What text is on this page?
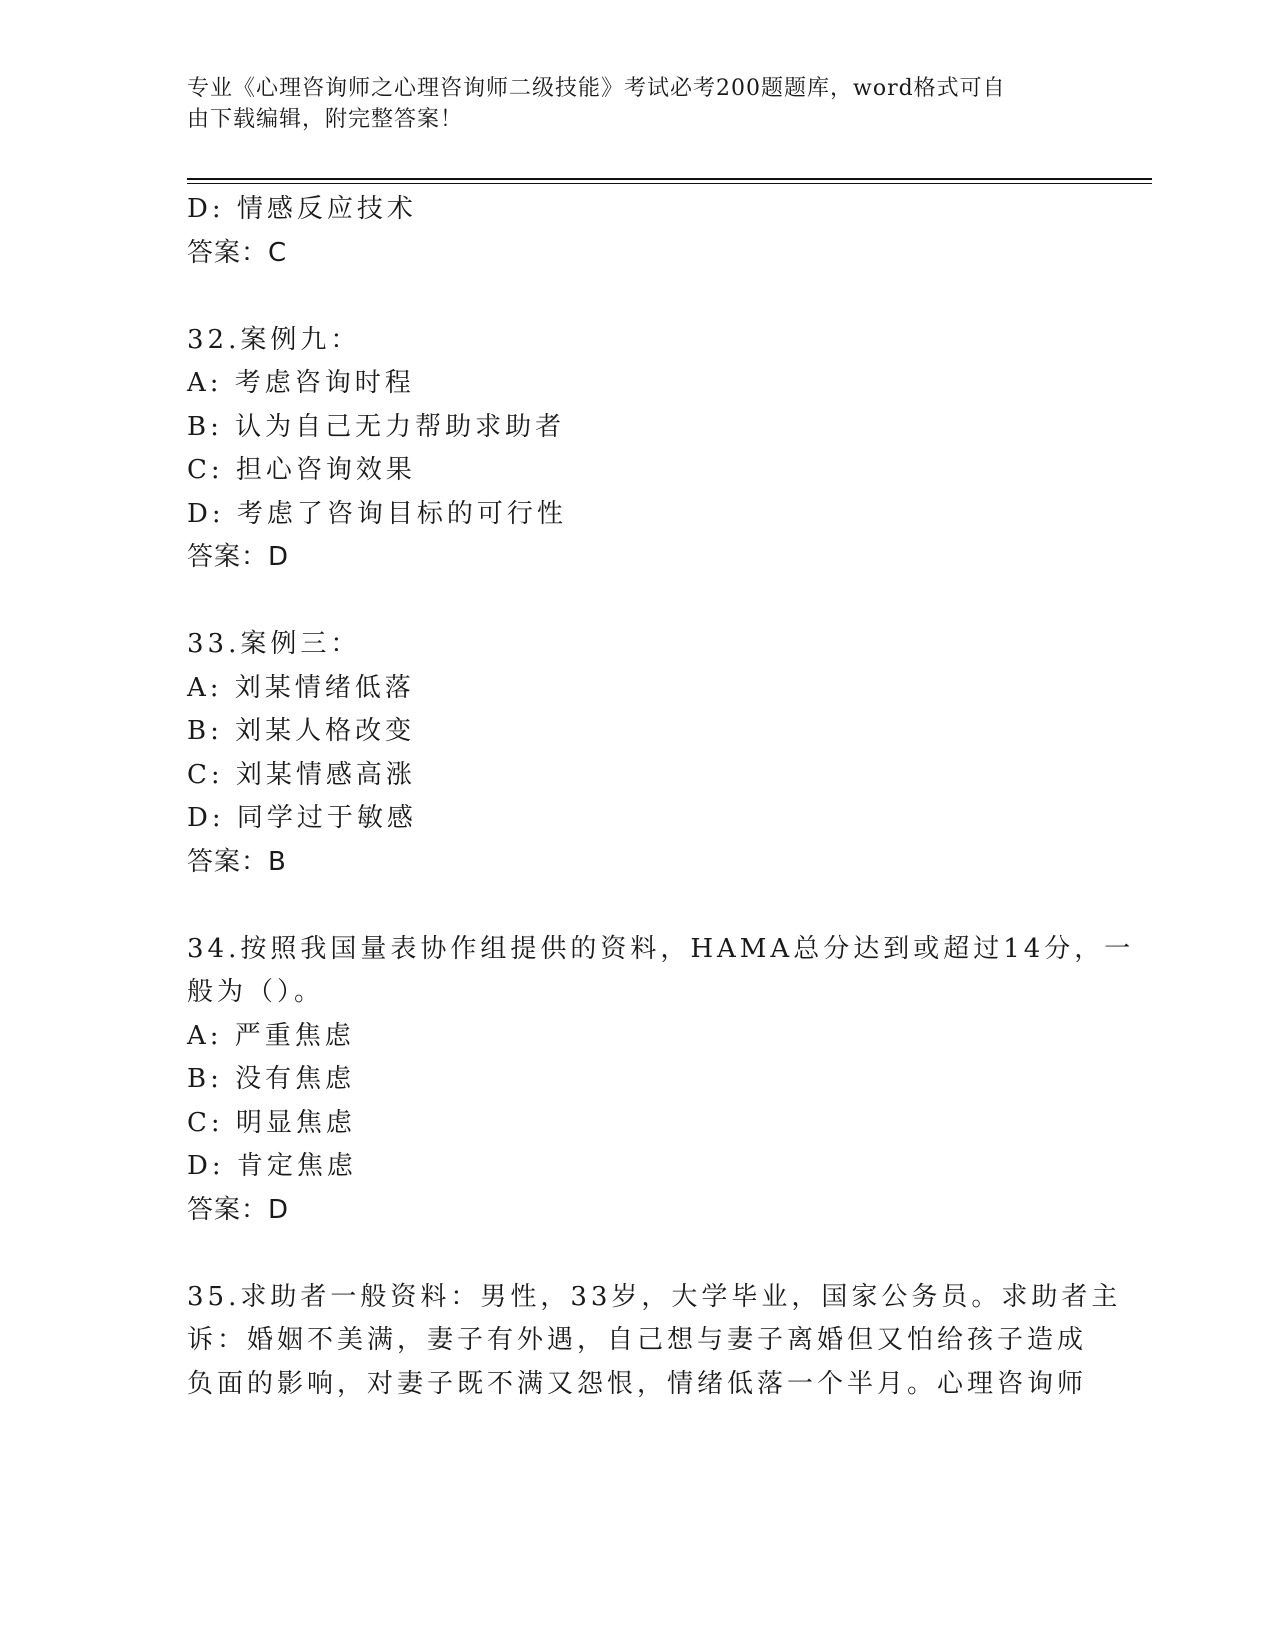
专业《心理咨询师之心理咨询师二级技能》考试必考200题题库，word格式可自
由下载编辑，附完整答案！
D: 情感反应技术
答案：C
32.案例九：
A: 考虑咨询时程
B: 认为自己无力帮助求助者
C: 担心咨询效果
D: 考虑了咨询目标的可行性
答案：D
33.案例三：
A: 刘某情绪低落
B: 刘某人格改变
C: 刘某情感高涨
D: 同学过于敏感
答案：B
34.按照我国量表协作组提供的资料，HAMA总分达到或超过14分，一
般为（）。
A: 严重焦虑
B: 没有焦虑
C: 明显焦虑
D: 肯定焦虑
答案：D
35.求助者一般资料：男性，33岁，大学毕业，国家公务员。求助者主
诉：婚姻不美满，妻子有外遇，自己想与妻子离婚但又怕给孩子造成
负面的影响，对妻子既不满又怨恨，情绪低落一个半月。心理咨询师
